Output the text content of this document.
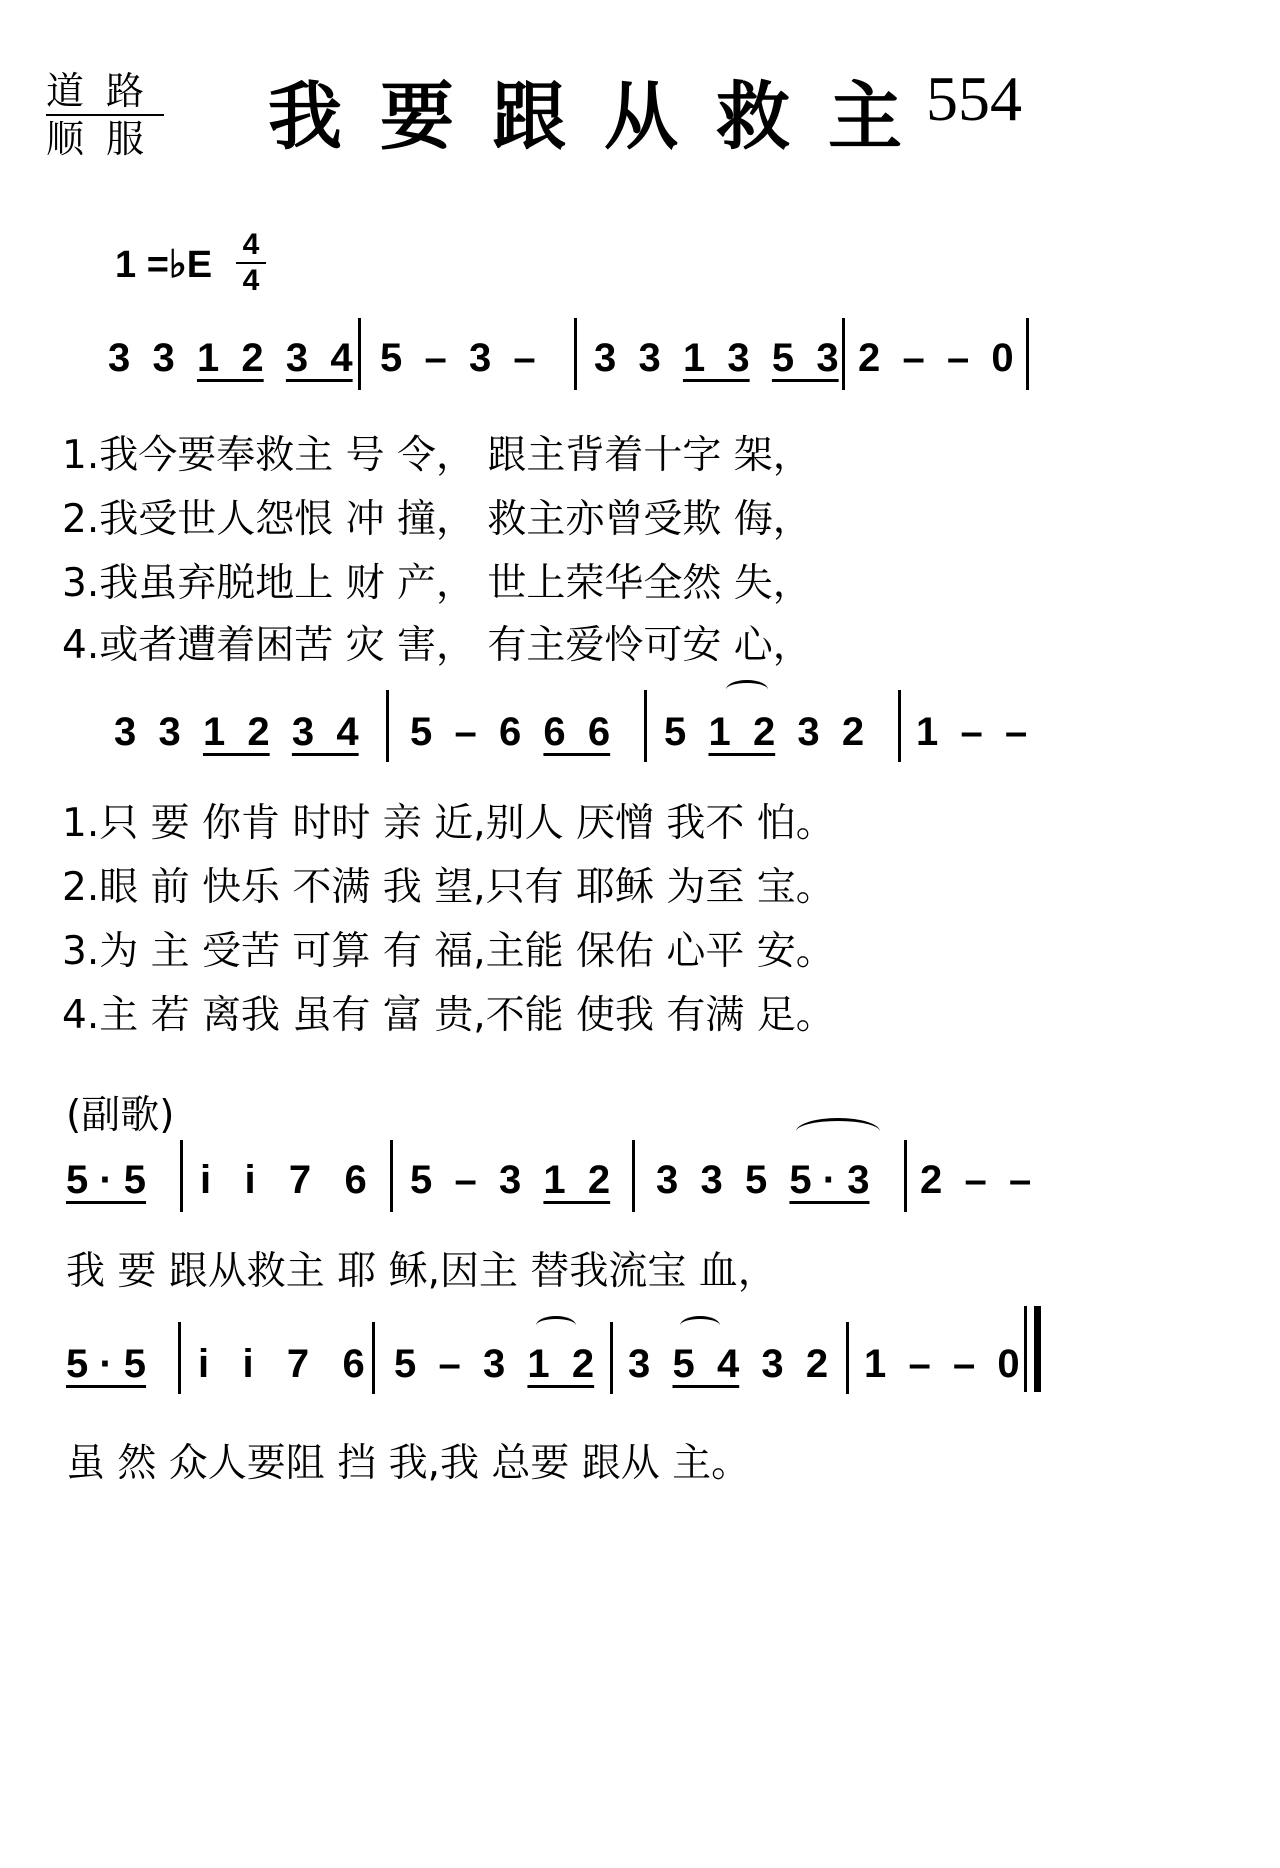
道路
顺服 我要跟从救主
554
1 =♭E 4
4
3  3  1  2 3  4 5  –  3  – 3  3  1  3 5  3 2  –  –  0
1.我今要奉救主 号 令， 跟主背着十字 架，
2.我受世人怨恨 冲 撞， 救主亦曾受欺 侮，
3.我虽弃脱地上 财 产， 世上荣华全然 失，
4.或者遭着困苦 灾 害， 有主爱怜可安 心，
3  3  1  2 3  4 5  –  6  6  6 5  1  2  3  2 1  –  –
1.只 要 你肯 时时 亲 近,别人 厌憎 我不 怕。
2.眼 前 快乐 不满 我 望,只有 耶稣 为至 宝。
3.为 主 受苦 可算 有 福,主能 保佑 心平 安。
4.主 若 离我 虽有 富 贵,不能 使我 有满 足。
(副歌)
5 · 5 i   i   7   6 5  –  3  1  2 3  3  5  5 · 3 2  –  –
我 要 跟从救主 耶 稣,因主 替我流宝 血，
5 · 5 i   i   7   6 5  –  3  1  2 3  5  4  3  2 1  –  –  0
虽 然 众人要阻 挡 我,我 总要 跟从 主。
